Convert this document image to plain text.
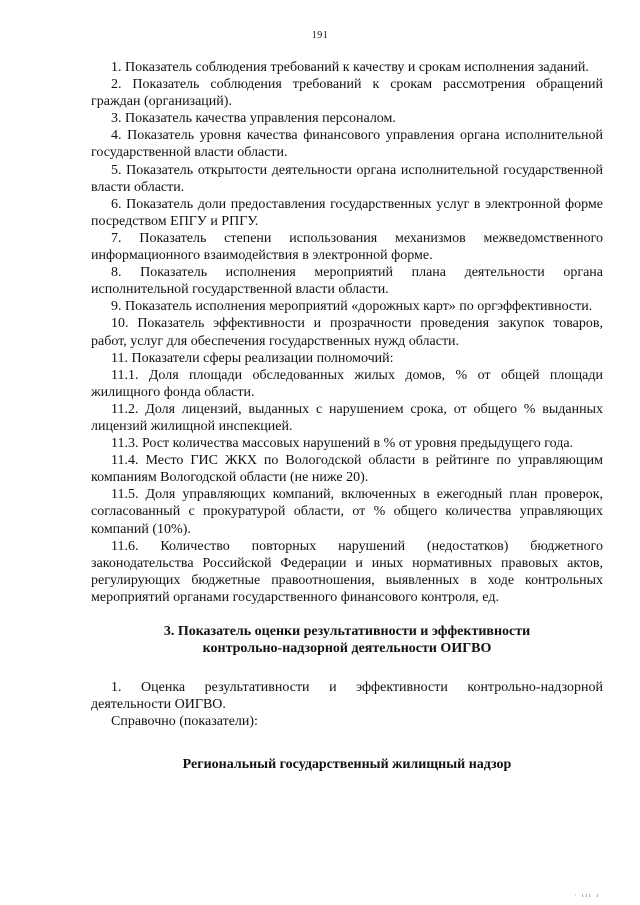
191

1. Показатель соблюдения требований к качеству и срокам исполнения заданий.

2. Показатель соблюдения требований к срокам рассмотрения обращений граждан (организаций).

3. Показатель качества управления персоналом.

4. Показатель уровня качества финансового управления органа исполнительной государственной власти области.

5. Показатель открытости деятельности органа исполнительной государственной власти области.

6. Показатель доли предоставления государственных услуг в электронной форме посредством ЕПГУ и РПГУ.

7. Показатель степени использования механизмов межведомственного информационного взаимодействия в электронной форме.

8. Показатель исполнения мероприятий плана деятельности органа исполнительной государственной власти области.

9. Показатель исполнения мероприятий «дорожных карт» по оргэффективности.

10. Показатель эффективности и прозрачности проведения закупок товаров, работ, услуг для обеспечения государственных нужд области.

11. Показатели сферы реализации полномочий:

11.1. Доля площади обследованных жилых домов, % от общей площади жилищного фонда области.

11.2. Доля лицензий, выданных с нарушением срока, от общего % выданных лицензий жилищной инспекцией.

11.3. Рост количества массовых нарушений в % от уровня предыдущего года.

11.4. Место ГИС ЖКХ по Вологодской области в рейтинге по управляющим компаниям Вологодской области (не ниже 20).

11.5. Доля управляющих компаний, включенных в ежегодный план проверок, согласованный с прокуратурой области, от % общего количества управляющих компаний (10%).

11.6. Количество повторных нарушений (недостатков) бюджетного законодательства Российской Федерации и иных нормативных правовых актов, регулирующих бюджетные правоотношения, выявленных в ходе контрольных мероприятий органами государственного финансового контроля, ед.

3. Показатель оценки результативности и эффективности

контрольно-надзорной деятельности ОИГВО

1. Оценка результативности и эффективности контрольно-надзорной деятельности ОИГВО.

Справочно (показатели):

Региональный государственный жилищный надзор

· ııı ı
